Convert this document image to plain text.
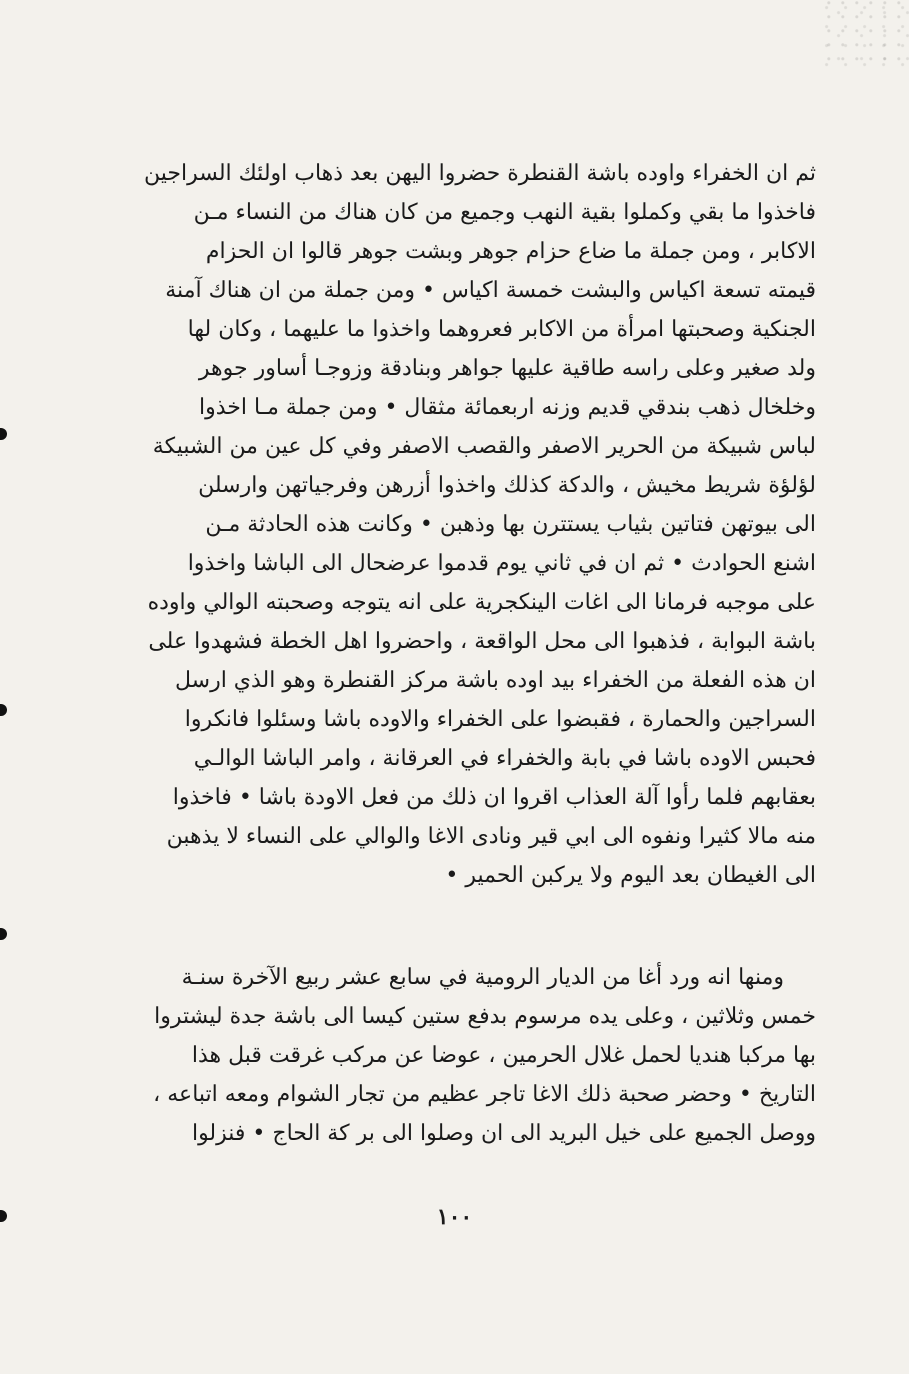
ثم ان الخفراء واوده باشة القنطرة حضروا اليهن بعد ذهاب اولئك السراجين
فاخذوا ما بقي وكملوا بقية النهب وجميع من كان هناك من النساء مـن
الاكابر ، ومن جملة ما ضاع حزام جوهر وبشت جوهر قالوا ان الحزام
قيمته تسعة اكياس والبشت خمسة اكياس • ومن جملة من ان هناك آمنة
الجنكية وصحبتها امرأة من الاكابر فعروهما واخذوا ما عليهما ، وكان لها
ولد صغير وعلى راسه طاقية عليها جواهر وبنادقة وزوجـا أساور جوهر
وخلخال ذهب بندقي قديم وزنه اربعمائة مثقال • ومن جملة مـا اخذوا
لباس شبيكة من الحرير الاصفر والقصب الاصفر وفي كل عين من الشبيكة
لؤلؤة شريط مخيش ، والدكة كذلك واخذوا أزرهن وفرجياتهن وارسلن
الى بيوتهن فتاتين بثياب يستترن بها وذهبن • وكانت هذه الحادثة مـن
اشنع الحوادث • ثم ان في ثاني يوم قدموا عرضحال الى الباشا واخذوا
على موجبه فرمانا الى اغات الينكجرية على انه يتوجه وصحبته الوالي واوده
باشة البوابة ، فذهبوا الى محل الواقعة ، واحضروا اهل الخطة فشهدوا على
ان هذه الفعلة من الخفراء بيد اوده باشة مركز القنطرة وهو الذي ارسل
السراجين والحمارة ، فقبضوا على الخفراء والاوده باشا وسئلوا فانكروا
فحبس الاوده باشا في بابة والخفراء في العرقانة ، وامر الباشا الوالـي
بعقابهم فلما رأوا آلة العذاب اقروا ان ذلك من فعل الاودة باشا • فاخذوا
منه مالا كثيرا ونفوه الى ابي قير ونادى الاغا والوالي على النساء لا يذهبن
الى الغيطان بعد اليوم ولا يركبن الحمير •
ومنها انه ورد أغا من الديار الرومية في سابع عشر ربيع الآخرة سنـة
خمس وثلاثين ، وعلى يده مرسوم بدفع ستين كيسا الى باشة جدة ليشتروا
بها مركبا هنديا لحمل غلال الحرمين ، عوضا عن مركب غرقت قبل هذا
التاريخ • وحضر صحبة ذلك الاغا تاجر عظيم من تجار الشوام ومعه اتباعه ،
ووصل الجميع على خيل البريد الى ان وصلوا الى بر كة الحاج • فنزلوا
١٠٠
